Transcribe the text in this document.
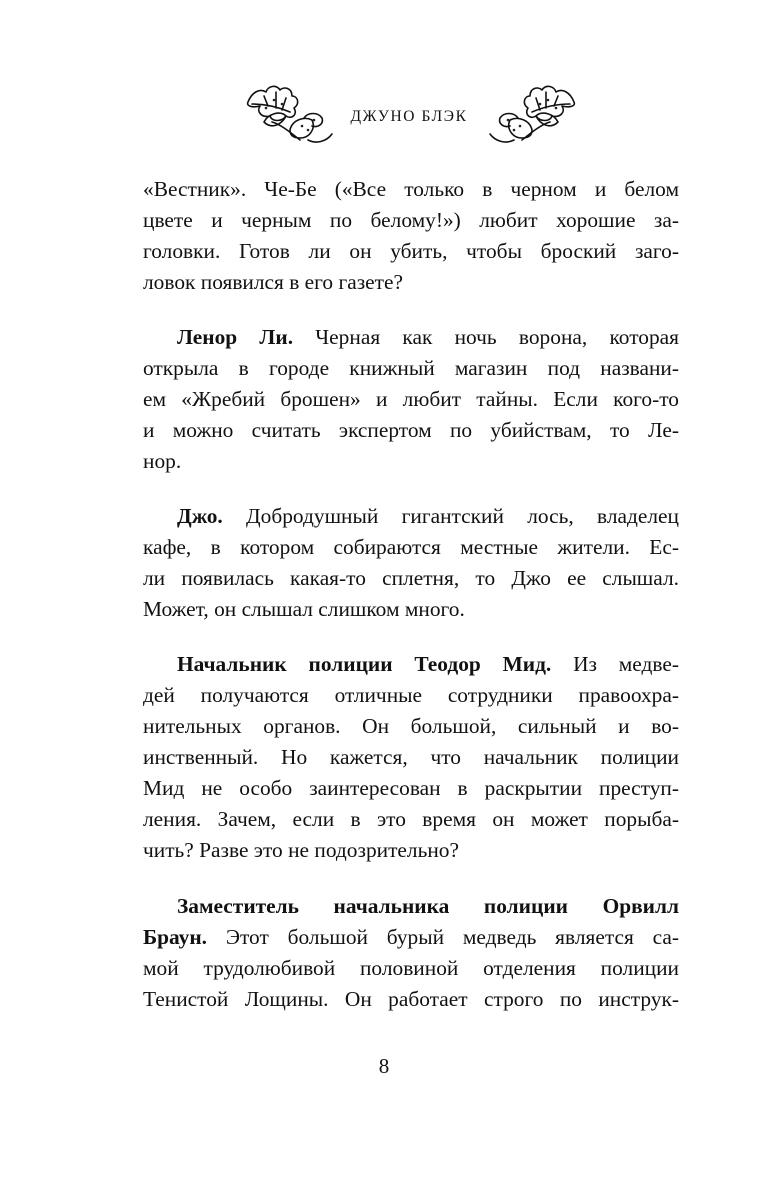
ДЖУНО БЛЭК
«Вестник». Че-Бе («Все только в черном и белом
цвете и черным по белому!») любит хорошие за-
головки. Готов ли он убить, чтобы броский заго-
ловок появился в его газете?
Ленор Ли. Черная как ночь ворона, которая
открыла в городе книжный магазин под названи-
ем «Жребий брошен» и любит тайны. Если кого-то
и можно считать экспертом по убийствам, то Ле-
нор.
Джо. Добродушный гигантский лось, владелец
кафе, в котором собираются местные жители. Ес-
ли появилась какая-то сплетня, то Джо ее слышал.
Может, он слышал слишком много.
Начальник полиции Теодор Мид. Из медве-
дей получаются отличные сотрудники правоохра-
нительных органов. Он большой, сильный и во-
инственный. Но кажется, что начальник полиции
Мид не особо заинтересован в раскрытии преступ-
ления. Зачем, если в это время он может порыба-
чить? Разве это не подозрительно?
Заместитель начальника полиции Орвилл
Браун. Этот большой бурый медведь является са-
мой трудолюбивой половиной отделения полиции
Тенистой Лощины. Он работает строго по инструк-
8
